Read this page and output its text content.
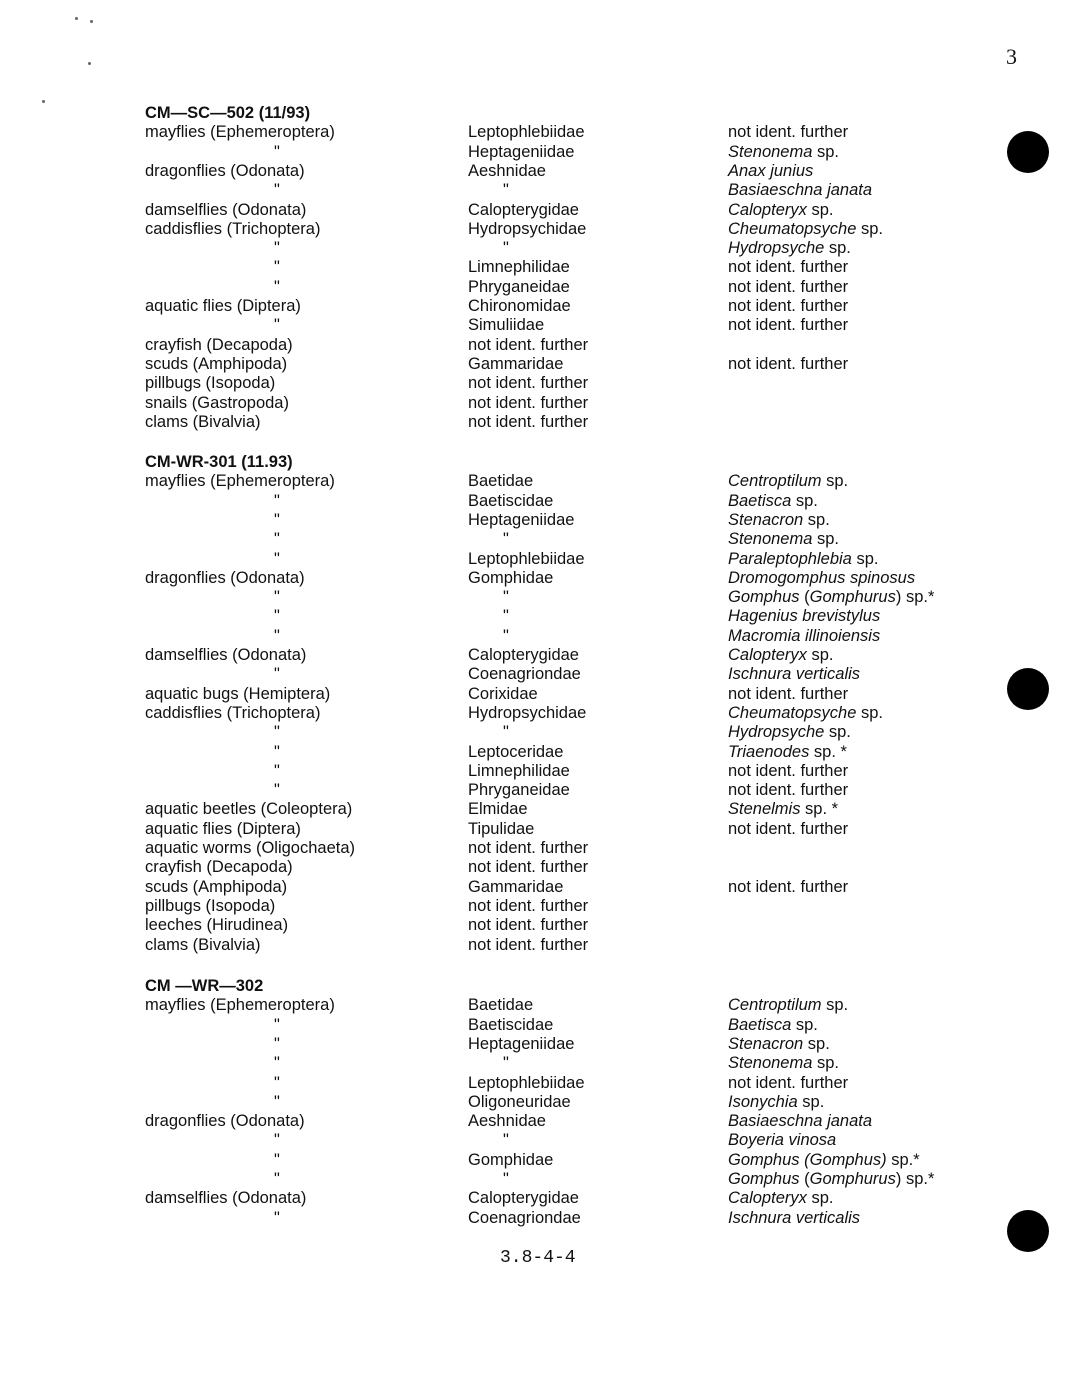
3
CM—SC—502 (11/93)
mayflies (Ephemeroptera)	Leptophlebiidae	not ident. further
"	Heptageniidae	Stenonema sp.
dragonflies (Odonata)	Aeshnidae	Anax junius
"	"	Basiaeschna janata
damselflies (Odonata)	Calopterygidae	Calopteryx sp.
caddisflies (Trichoptera)	Hydropsychidae	Cheumatopsyche sp.
"	"	Hydropsyche sp.
"	Limnephilidae	not ident. further
"	Phryganeidae	not ident. further
aquatic flies (Diptera)	Chironomidae	not ident. further
"	Simuliidae	not ident. further
crayfish (Decapoda)	not ident. further
scuds (Amphipoda)	Gammaridae	not ident. further
pillbugs (Isopoda)	not ident. further
snails (Gastropoda)	not ident. further
clams (Bivalvia)	not ident. further
CM-WR-301 (11.93)
mayflies (Ephemeroptera)	Baetidae	Centroptilum sp.
"	Baetiscidae	Baetisca sp.
"	Heptageniidae	Stenacron sp.
"	"	Stenonema sp.
"	Leptophlebiidae	Paraleptophlebia sp.
dragonflies (Odonata)	Gomphidae	Dromogomphus spinosus
"	"	Gomphus (Gomphurus) sp.*
"	"	Hagenius brevistylus
"	"	Macromia illinoiensis
damselflies (Odonata)	Calopterygidae	Calopteryx sp.
"	Coenagriondae	Ischnura verticalis
aquatic bugs (Hemiptera)	Corixidae	not ident. further
caddisflies (Trichoptera)	Hydropsychidae	Cheumatopsyche sp.
"	"	Hydropsyche sp.
"	Leptoceridae	Triaenodes sp. *
"	Limnephilidae	not ident. further
"	Phryganeidae	not ident. further
aquatic beetles (Coleoptera)	Elmidae	Stenelmis sp. *
aquatic flies (Diptera)	Tipulidae	not ident. further
aquatic worms (Oligochaeta)	not ident. further
crayfish (Decapoda)	not ident. further
scuds (Amphipoda)	Gammaridae	not ident. further
pillbugs (Isopoda)	not ident. further
leeches (Hirudinea)	not ident. further
clams (Bivalvia)	not ident. further
CM —WR—302
mayflies (Ephemeroptera)	Baetidae	Centroptilum sp.
"	Baetiscidae	Baetisca sp.
"	Heptageniidae	Stenacron sp.
"	"	Stenonema sp.
"	Leptophlebiidae	not ident. further
"	Oligoneuridae	Isonychia sp.
dragonflies (Odonata)	Aeshnidae	Basiaeschna janata
"	"	Boyeria vinosa
"	Gomphidae	Gomphus (Gomphus) sp.*
"	"	Gomphus (Gomphurus) sp.*
damselflies (Odonata)	Calopterygidae	Calopteryx sp.
"	Coenagriondae	Ischnura verticalis
3.8-4-4
